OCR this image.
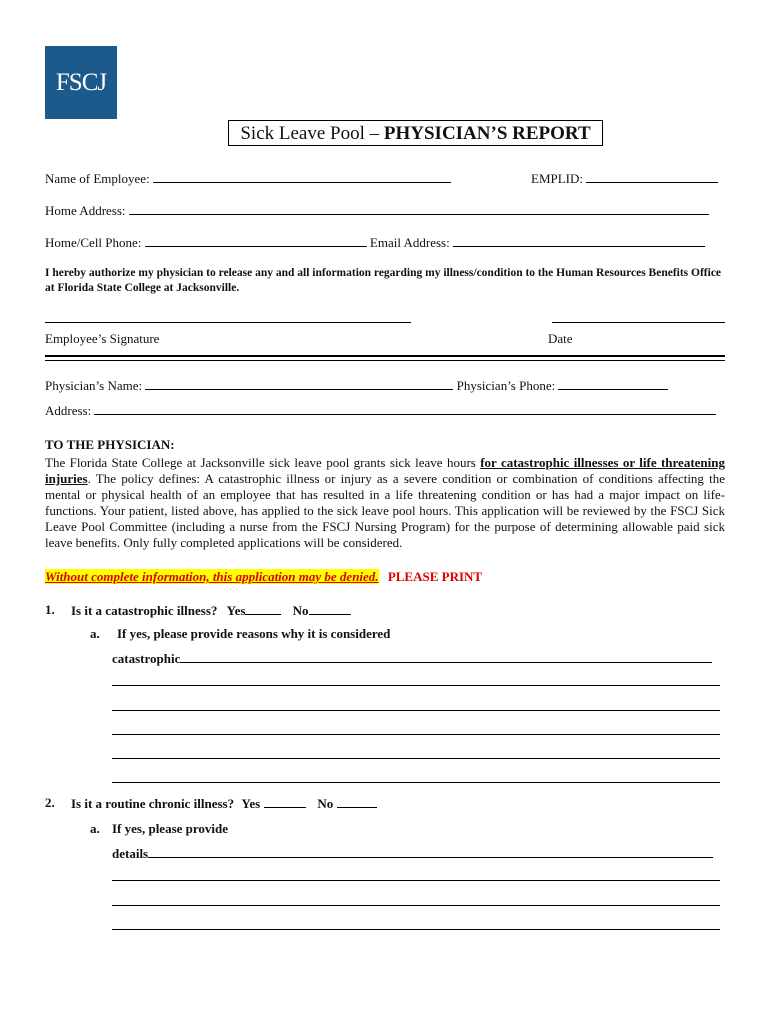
FSCJ
Sick Leave Pool – PHYSICIAN’S REPORT
Name of Employee:	EMPLID:
Home Address:
Home/Cell Phone:	Email Address:
I hereby authorize my physician to release any and all information regarding my illness/condition to the Human Resources Benefits Office at Florida State College at Jacksonville.
Employee’s Signature	Date
Physician’s Name:	Physician’s Phone:
Address:
TO THE PHYSICIAN:
The Florida State College at Jacksonville sick leave pool grants sick leave hours for catastrophic illnesses or life threatening injuries. The policy defines: A catastrophic illness or injury as a severe condition or combination of conditions affecting the mental or physical health of an employee that has resulted in a life threatening condition or has had a major impact on life-functions. Your patient, listed above, has applied to the sick leave pool hours. This application will be reviewed by the FSCJ Sick Leave Pool Committee (including a nurse from the FSCJ Nursing Program) for the purpose of determining allowable paid sick leave benefits. Only fully completed applications will be considered.
Without complete information, this application may be denied. PLEASE PRINT
1. Is it a catastrophic illness? Yes	No
a. If yes, please provide reasons why it is considered
catastrophic
2. Is it a routine chronic illness? Yes	No
a. If yes, please provide
details
